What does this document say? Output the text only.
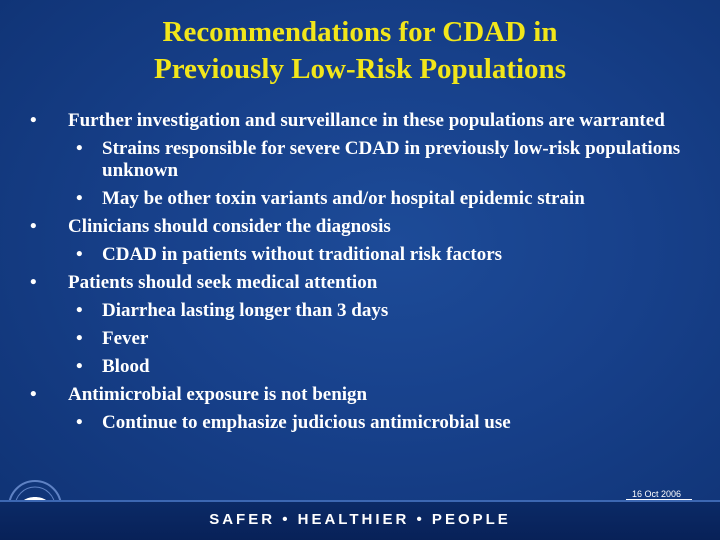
Recommendations for CDAD in
Previously Low-Risk Populations
• Further investigation and surveillance in these populations are warranted
• Strains responsible for severe CDAD in previously low-risk populations unknown
• May be other toxin variants and/or hospital epidemic strain
• Clinicians should consider the diagnosis
• CDAD in patients without traditional risk factors
• Patients should seek medical attention
• Diarrhea lasting longer than 3 days
• Fever
• Blood
• Antimicrobial exposure is not benign
• Continue to emphasize judicious antimicrobial use
16 Oct 2006
SAFER • HEALTHIER • PEOPLE
